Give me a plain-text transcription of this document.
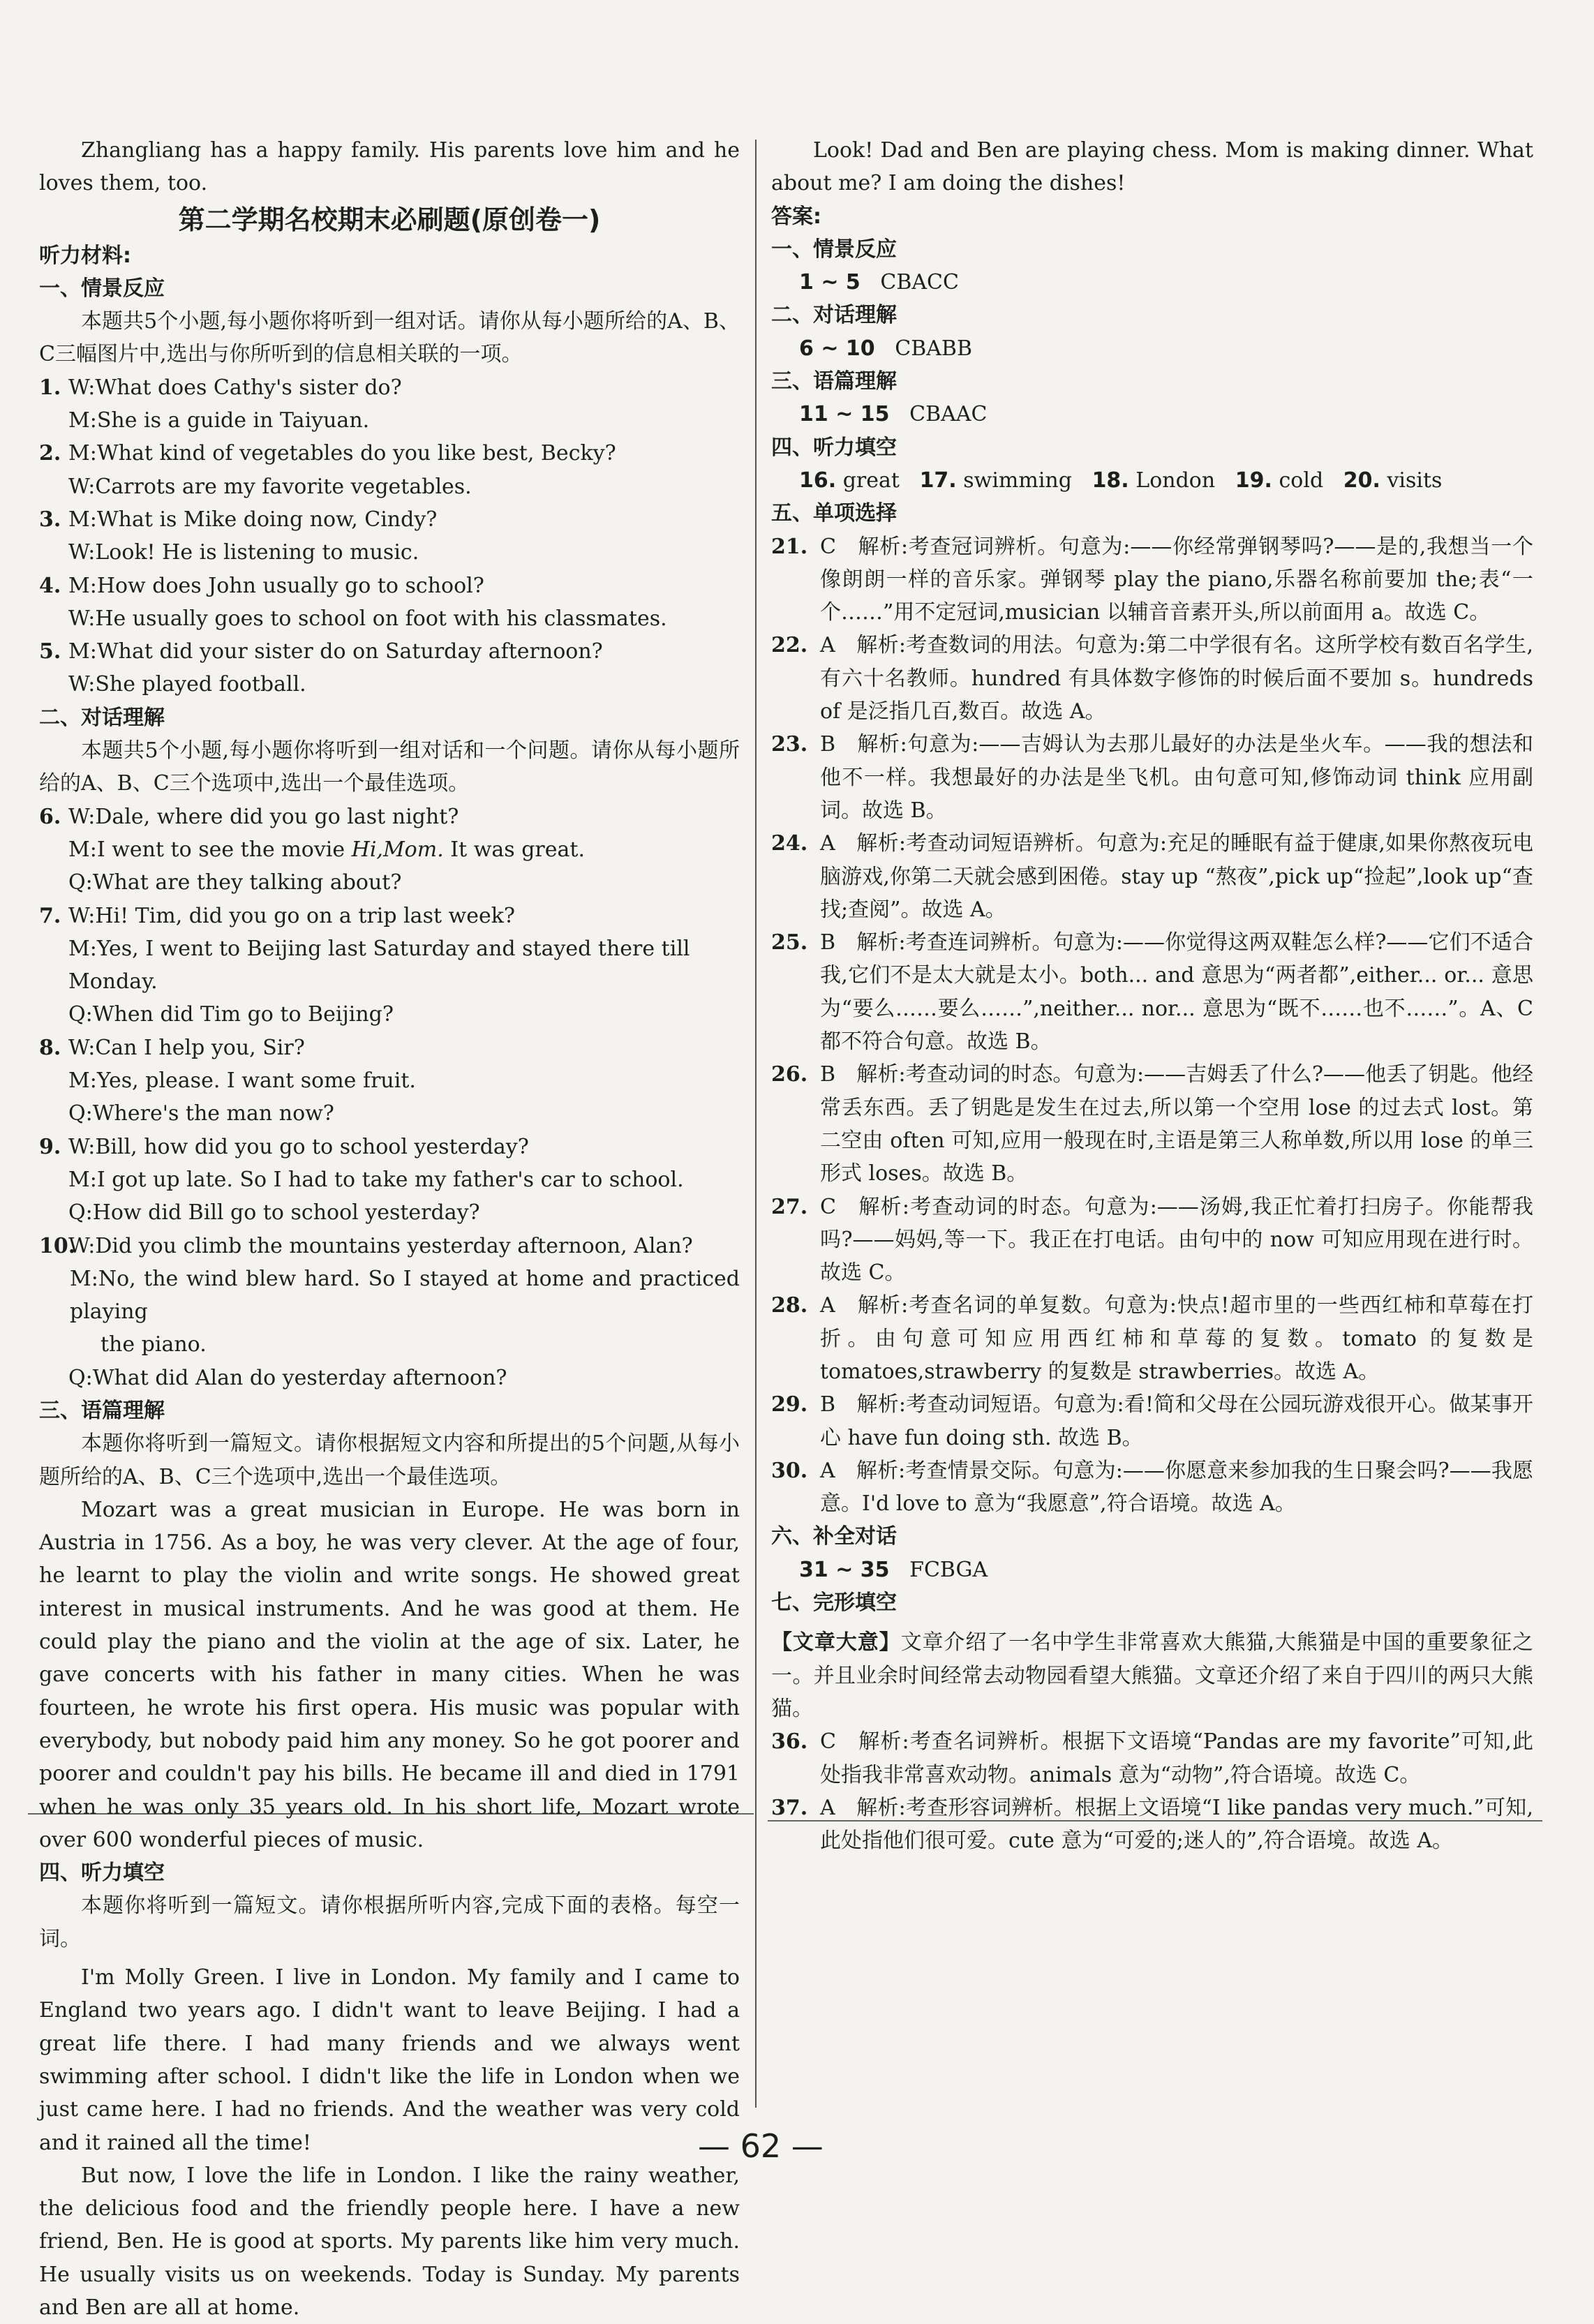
Zhangliang has a happy family. His parents love him and he loves them, too.

第二学期名校期末必刷题(原创卷一)

听力材料:

一、情景反应

本题共5个小题,每小题你将听到一组对话。请你从每小题所给的A、B、C三幅图片中,选出与你所听到的信息相关联的一项。

1. W:What does Cathy's sister do?

M:She is a guide in Taiyuan.

2. M:What kind of vegetables do you like best, Becky?

W:Carrots are my favorite vegetables.

3. M:What is Mike doing now, Cindy?

W:Look! He is listening to music.

4. M:How does John usually go to school?

W:He usually goes to school on foot with his classmates.

5. M:What did your sister do on Saturday afternoon?

W:She played football.

二、对话理解

本题共5个小题,每小题你将听到一组对话和一个问题。请你从每小题所给的A、B、C三个选项中,选出一个最佳选项。

6. W:Dale, where did you go last night?

M:I went to see the movie Hi,Mom. It was great.

Q:What are they talking about?

7. W:Hi! Tim, did you go on a trip last week?

M:Yes, I went to Beijing last Saturday and stayed there till Monday.

Q:When did Tim go to Beijing?

8. W:Can I help you, Sir?

M:Yes, please. I want some fruit.

Q:Where's the man now?

9. W:Bill, how did you go to school yesterday?

M:I got up late. So I had to take my father's car to school.

Q:How did Bill go to school yesterday?

10.
W:Did you climb the mountains yesterday afternoon, Alan?

M:No, the wind blew hard. So I stayed at home and practiced playing

the piano.

Q:What did Alan do yesterday afternoon?

三、语篇理解

本题你将听到一篇短文。请你根据短文内容和所提出的5个问题,从每小题所给的A、B、C三个选项中,选出一个最佳选项。

Mozart was a great musician in Europe. He was born in Austria in 1756. As a boy, he was very clever. At the age of four, he learnt to play the violin and write songs. He showed great interest in musical instruments. And he was good at them. He could play the piano and the violin at the age of six. Later, he gave concerts with his father in many cities. When he was fourteen, he wrote his first opera. His music was popular with everybody, but nobody paid him any money. So he got poorer and poorer and couldn't pay his bills. He became ill and died in 1791 when he was only 35 years old. In his short life, Mozart wrote over 600 wonderful pieces of music.

四、听力填空

本题你将听到一篇短文。请你根据所听内容,完成下面的表格。每空一词。

I'm Molly Green. I live in London. My family and I came to England two years ago. I didn't want to leave Beijing. I had a great life there. I had many friends and we always went swimming after school. I didn't like the life in London when we just came here. I had no friends. And the weather was very cold and it rained all the time!

But now, I love the life in London. I like the rainy weather, the delicious food and the friendly people here. I have a new friend, Ben. He is good at sports. My parents like him very much. He usually visits us on weekends. Today is Sunday. My parents and Ben are all at home.

Look! Dad and Ben are playing chess. Mom is making dinner. What about me? I am doing the dishes!

答案:

一、情景反应

1 ~ 5 CBACC

二、对话理解

6 ~ 10 CBABB

三、语篇理解

11 ~ 15 CBAAC

四、听力填空

16. great 17. swimming 18. London 19. cold 20. visits

五、单项选择

21. C　解析:考查冠词辨析。句意为:——你经常弹钢琴吗?——是的,我想当一个像朗朗一样的音乐家。弹钢琴 play the piano,乐器名称前要加 the;表“一个……”用不定冠词,musician 以辅音音素开头,所以前面用 a。故选 C。
22. A　解析:考查数词的用法。句意为:第二中学很有名。这所学校有数百名学生,有六十名教师。hundred 有具体数字修饰的时候后面不要加 s。hundreds of 是泛指几百,数百。故选 A。
23. B　解析:句意为:——吉姆认为去那儿最好的办法是坐火车。——我的想法和他不一样。我想最好的办法是坐飞机。由句意可知,修饰动词 think 应用副词。故选 B。
24. A　解析:考查动词短语辨析。句意为:充足的睡眠有益于健康,如果你熬夜玩电脑游戏,你第二天就会感到困倦。stay up “熬夜”,pick up“捡起”,look up“查找;查阅”。故选 A。
25. B　解析:考查连词辨析。句意为:——你觉得这两双鞋怎么样?——它们不适合我,它们不是太大就是太小。both... and 意思为“两者都”,either... or... 意思为“要么……要么……”,neither... nor... 意思为“既不……也不……”。A、C 都不符合句意。故选 B。
26. B　解析:考查动词的时态。句意为:——吉姆丢了什么?——他丢了钥匙。他经常丢东西。丢了钥匙是发生在过去,所以第一个空用 lose 的过去式 lost。第二空由 often 可知,应用一般现在时,主语是第三人称单数,所以用 lose 的单三形式 loses。故选 B。
27. C　解析:考查动词的时态。句意为:——汤姆,我正忙着打扫房子。你能帮我吗?——妈妈,等一下。我正在打电话。由句中的 now 可知应用现在进行时。故选 C。
28. A　解析:考查名词的单复数。句意为:快点!超市里的一些西红柿和草莓在打折。由句意可知应用西红柿和草莓的复数。tomato 的复数是 tomatoes,strawberry 的复数是 strawberries。故选 A。
29. B　解析:考查动词短语。句意为:看!简和父母在公园玩游戏很开心。做某事开心 have fun doing sth. 故选 B。
30. A　解析:考查情景交际。句意为:——你愿意来参加我的生日聚会吗?——我愿意。I'd love to 意为“我愿意”,符合语境。故选 A。

六、补全对话

31 ~ 35 FCBGA

七、完形填空

【文章大意】文章介绍了一名中学生非常喜欢大熊猫,大熊猫是中国的重要象征之一。并且业余时间经常去动物园看望大熊猫。文章还介绍了来自于四川的两只大熊猫。

36. C　解析:考查名词辨析。根据下文语境“Pandas are my favorite”可知,此处指我非常喜欢动物。animals 意为“动物”,符合语境。故选 C。
37. A　解析:考查形容词辨析。根据上文语境“I like pandas very much.”可知,此处指他们很可爱。cute 意为“可爱的;迷人的”,符合语境。故选 A。
— 62 —
